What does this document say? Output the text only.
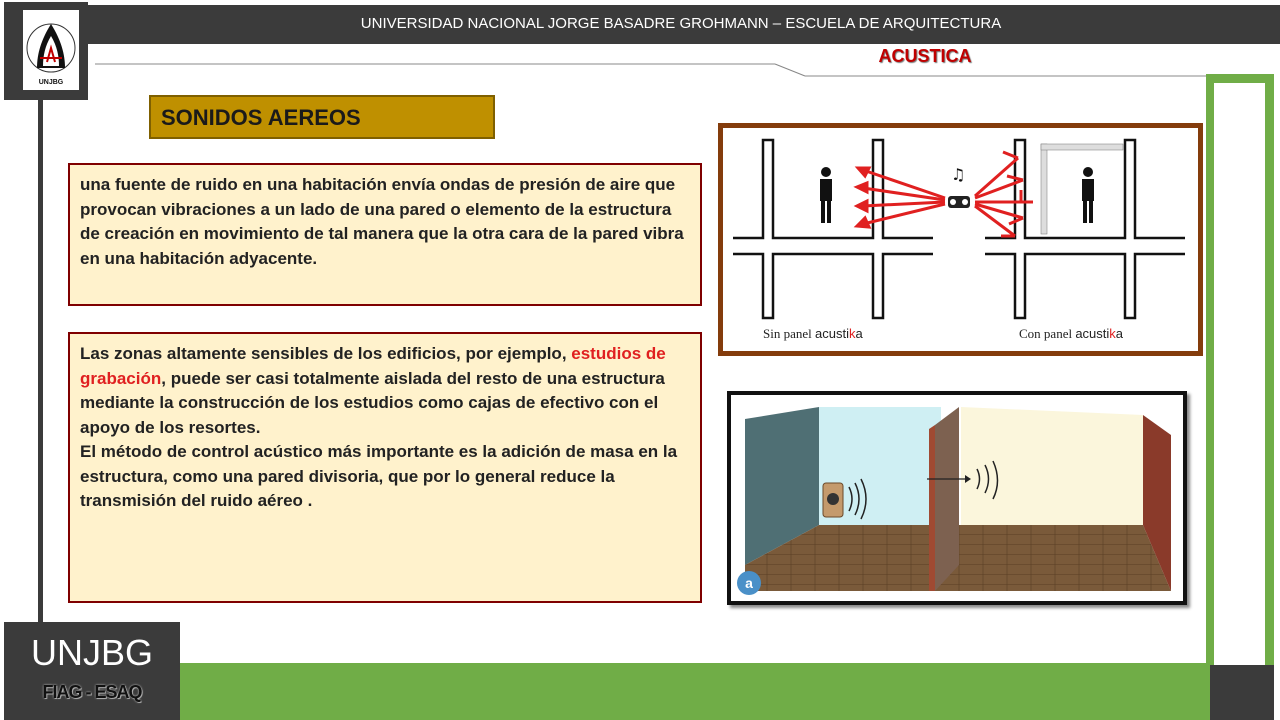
UNIVERSIDAD NACIONAL JORGE BASADRE GROHMANN – ESCUELA DE ARQUITECTURA
UNJBG
ACUSTICA
UNJBG
FIAG - ESAQ
SONIDOS AEREOS
una fuente de ruido en una habitación envía ondas de presión de aire que provocan vibraciones a un lado de una pared o elemento de la estructura de creación en movimiento de tal manera que la otra cara de la pared vibra en una habitación adyacente.
Las zonas altamente sensibles de los edificios, por ejemplo, estudios de grabación, puede ser casi totalmente aislada del resto de una estructura mediante la construcción de los estudios como cajas de efectivo con el apoyo de los resortes.
El método de control acústico más importante es la adición de masa en la estructura, como una pared divisoria, que por lo general reduce la transmisión del ruido aéreo .
♫
Sin panel acustika	Con panel acustika
a
